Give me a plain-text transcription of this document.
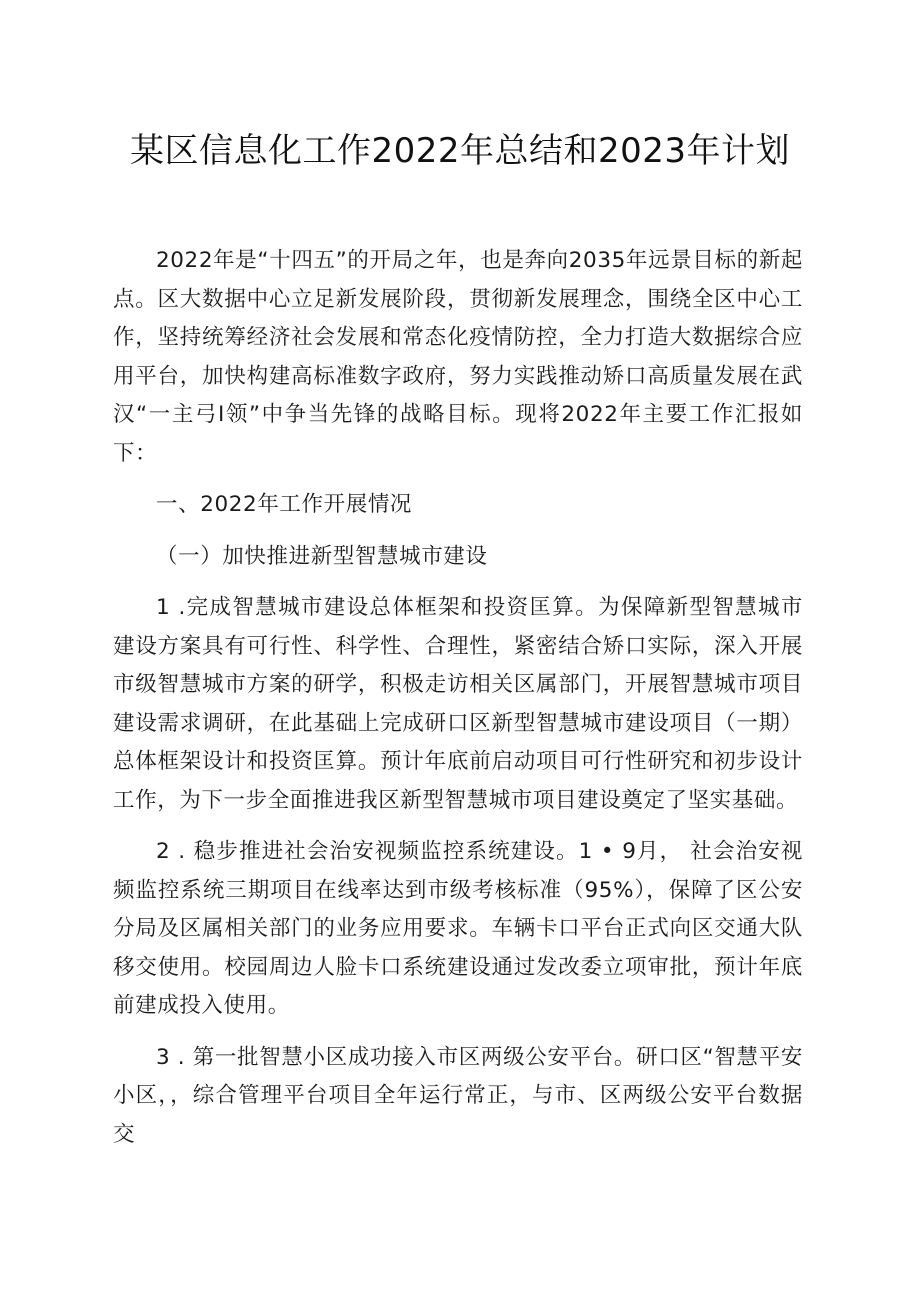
某区信息化工作2022年总结和2023年计划

2022年是“十四五”的开局之年，也是奔向2035年远景目标的新起点。区大数据中心立足新发展阶段，贯彻新发展理念，围绕全区中心工作，坚持统筹经济社会发展和常态化疫情防控，全力打造大数据综合应用平台，加快构建高标准数字政府，努力实践推动矫口高质量发展在武汉“一主弓I领”中争当先锋的战略目标。现将2022年主要工作汇报如下：

一、2022年工作开展情况

（一）加快推进新型智慧城市建设

1 .完成智慧城市建设总体框架和投资匡算。为保障新型智慧城市建设方案具有可行性、科学性、合理性，紧密结合矫口实际，深入开展市级智慧城市方案的研学，积极走访相关区属部门，开展智慧城市项目建设需求调研，在此基础上完成研口区新型智慧城市建设项目（一期）总体框架设计和投资匡算。预计年底前启动项目可行性研究和初步设计工作，为下一步全面推进我区新型智慧城市项目建设奠定了坚实基础。

2 . 稳步推进社会治安视频监控系统建设。1 • 9月， 社会治安视频监控系统三期项目在线率达到市级考核标准（95%），保障了区公安分局及区属相关部门的业务应用要求。车辆卡口平台正式向区交通大队移交使用。校园周边人脸卡口系统建设通过发改委立项审批，预计年底前建成投入使用。

3 . 第一批智慧小区成功接入市区两级公安平台。研口区“智慧平安小区，，综合管理平台项目全年运行常正，与市、区两级公安平台数据交
